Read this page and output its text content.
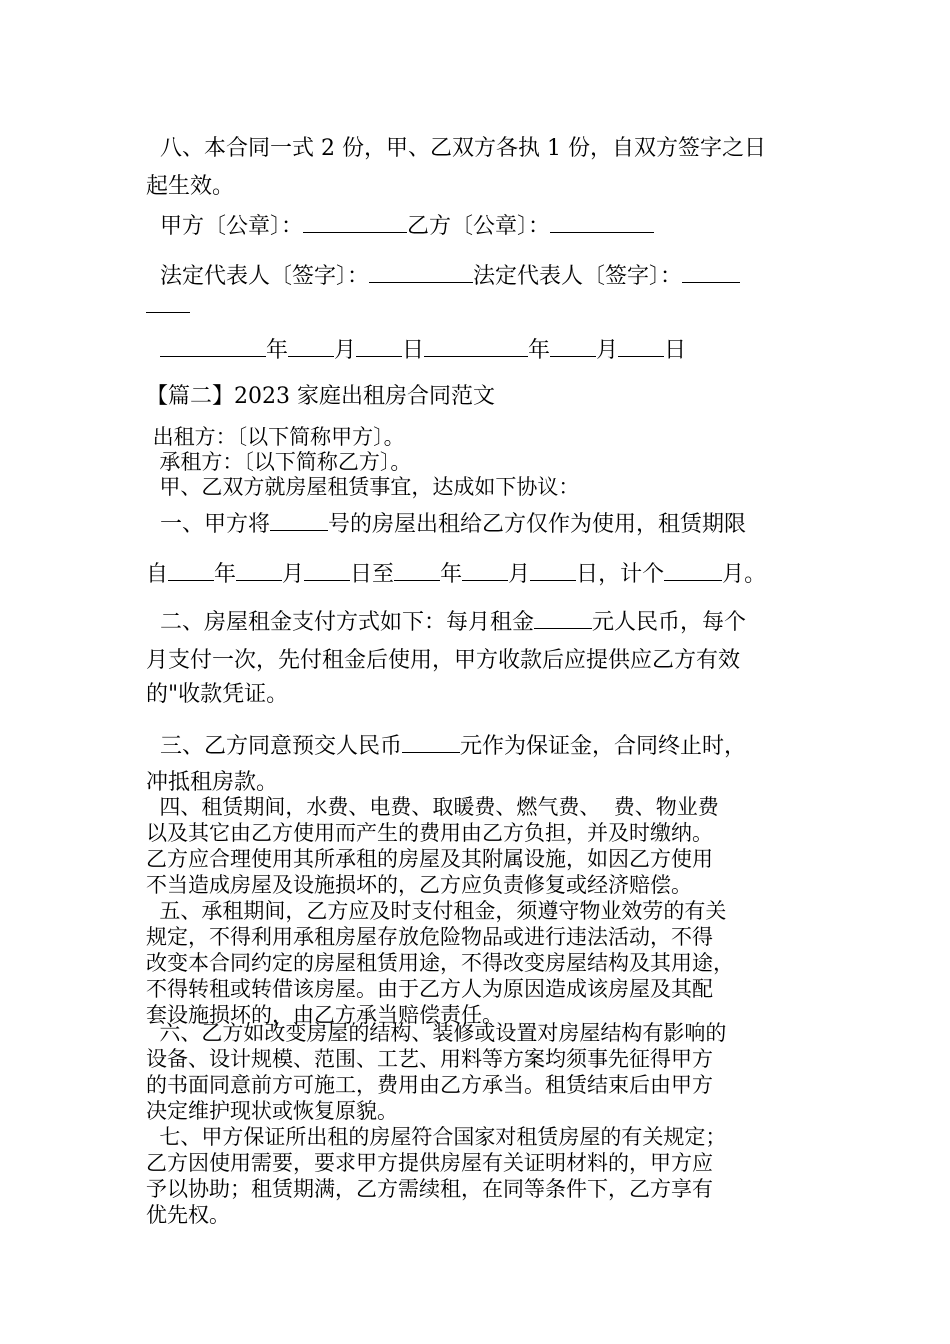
八、本合同一式 2 份，甲、乙双方各执 1 份，自双方签字之日
起生效。
甲方〔公章〕：	乙方〔公章〕：
法定代表人〔签字〕：	法定代表人〔签字〕：
年 月 日	年 月 日
【篇二】2023 家庭出租房合同范文
出租方：〔以下简称甲方〕。
承租方：〔以下简称乙方〕。
甲、乙双方就房屋租赁事宜，达成如下协议：
一、甲方将	号的房屋出租给乙方仅作为使用，租赁期限
自 年 月 日至 年 月 日，计个	月。
二、房屋租金支付方式如下：每月租金	元人民币，每个
月支付一次，先付租金后使用，甲方收款后应提供应乙方有效
的"收款凭证。
三、乙方同意预交人民币	元作为保证金，合同终止时，
冲抵租房款。
四、租赁期间，水费、电费、取暖费、燃气费、  费、物业费
以及其它由乙方使用而产生的费用由乙方负担，并及时缴纳。
乙方应合理使用其所承租的房屋及其附属设施，如因乙方使用
不当造成房屋及设施损坏的，乙方应负责修复或经济赔偿。
五、承租期间，乙方应及时支付租金，须遵守物业效劳的有关
规定，不得利用承租房屋存放危险物品或进行违法活动，不得
改变本合同约定的房屋租赁用途，不得改变房屋结构及其用途，
不得转租或转借该房屋。由于乙方人为原因造成该房屋及其配
套设施损坏的，由乙方承当赔偿责任。
六、乙方如改变房屋的结构、装修或设置对房屋结构有影响的
设备、设计规模、范围、工艺、用料等方案均须事先征得甲方
的书面同意前方可施工，费用由乙方承当。租赁结束后由甲方
决定维护现状或恢复原貌。
七、甲方保证所出租的房屋符合国家对租赁房屋的有关规定；
乙方因使用需要，要求甲方提供房屋有关证明材料的，甲方应
予以协助；租赁期满，乙方需续租，在同等条件下，乙方享有
优先权。
